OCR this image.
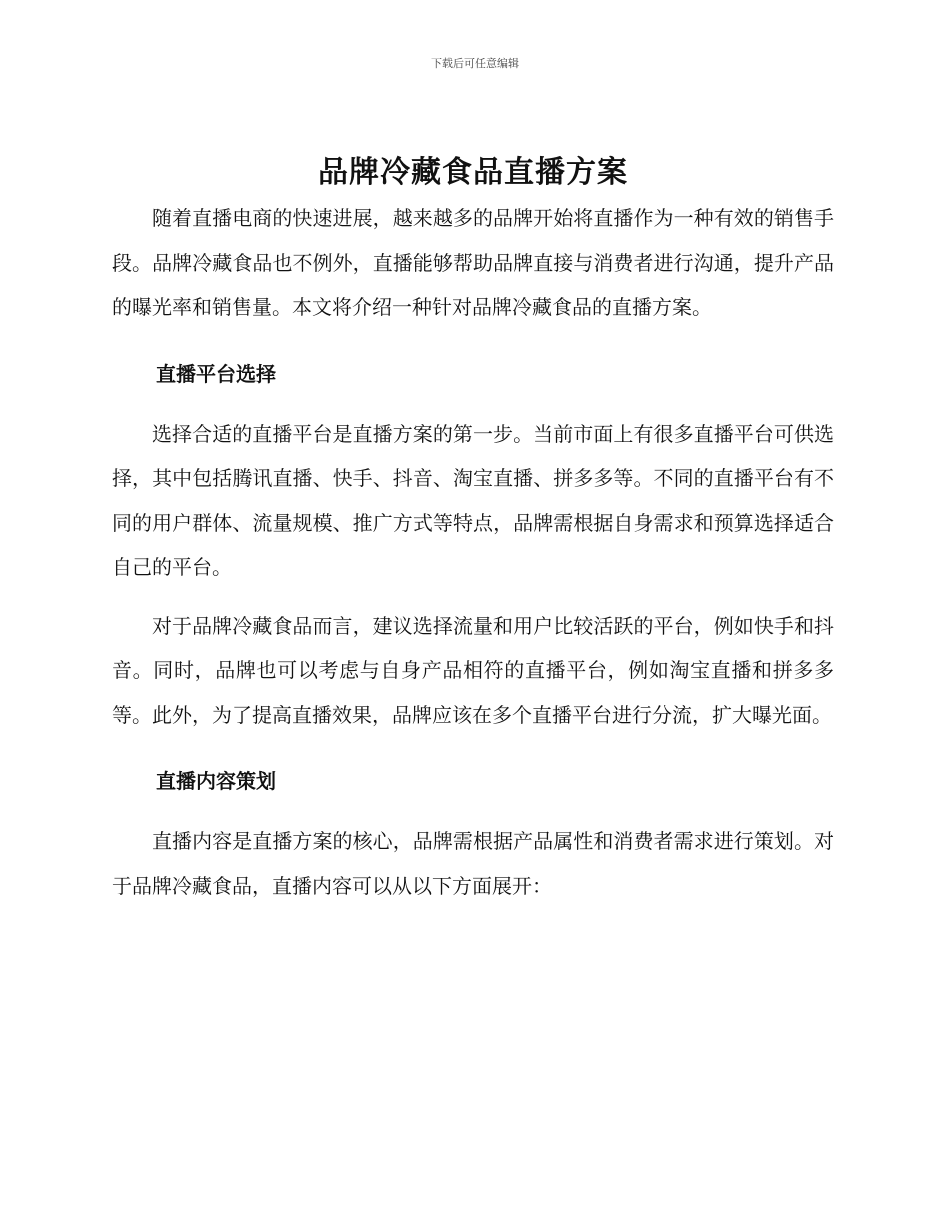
下载后可任意编辑
品牌冷藏食品直播方案

随着直播电商的快速进展，越来越多的品牌开始将直播作为一种有效的销售手段。品牌冷藏食品也不例外，直播能够帮助品牌直接与消费者进行沟通，提升产品的曝光率和销售量。本文将介绍一种针对品牌冷藏食品的直播方案。

直播平台选择

选择合适的直播平台是直播方案的第一步。当前市面上有很多直播平台可供选择，其中包括腾讯直播、快手、抖音、淘宝直播、拼多多等。不同的直播平台有不同的用户群体、流量规模、推广方式等特点，品牌需根据自身需求和预算选择适合自己的平台。

对于品牌冷藏食品而言，建议选择流量和用户比较活跃的平台，例如快手和抖音。同时，品牌也可以考虑与自身产品相符的直播平台，例如淘宝直播和拼多多等。此外，为了提高直播效果，品牌应该在多个直播平台进行分流，扩大曝光面。

直播内容策划

直播内容是直播方案的核心，品牌需根据产品属性和消费者需求进行策划。对于品牌冷藏食品，直播内容可以从以下方面展开：
